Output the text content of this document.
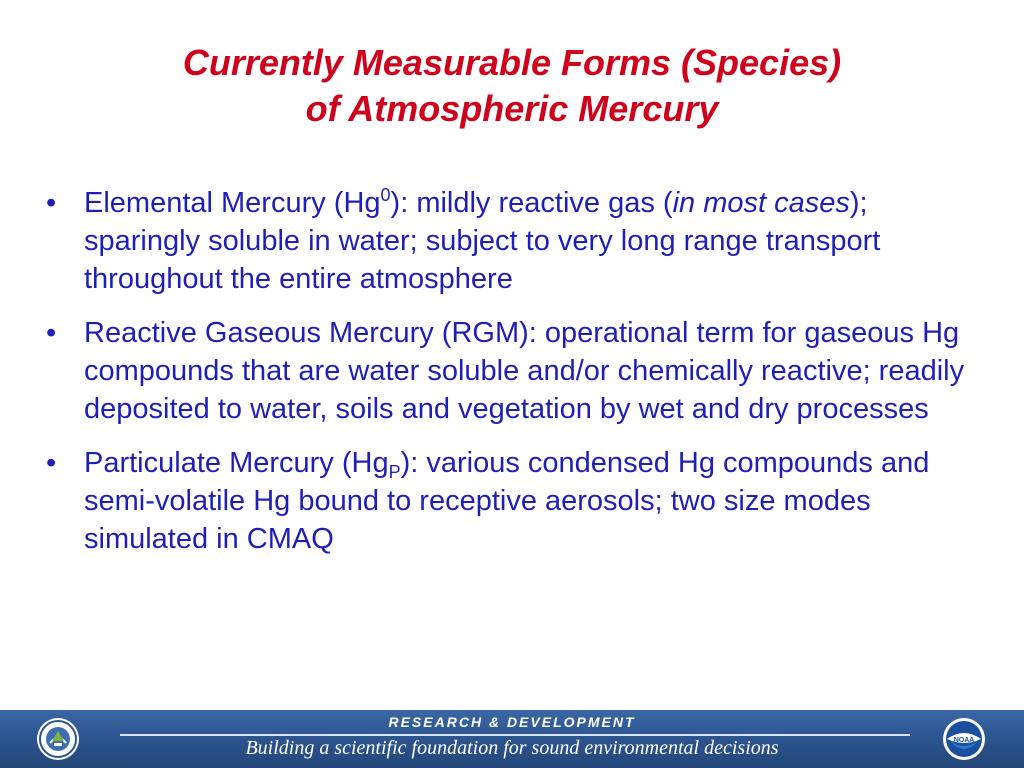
Currently Measurable Forms (Species)
of Atmospheric Mercury
• Elemental Mercury (Hg$^0$): mildly reactive gas (in most cases); sparingly soluble in water; subject to very long range transport throughout the entire atmosphere
• Reactive Gaseous Mercury (RGM): operational term for gaseous Hg compounds that are water soluble and/or chemically reactive; readily deposited to water, soils and vegetation by wet and dry processes
• Particulate Mercury $(Hg_P)$: various condensed Hg compounds and semi-volatile Hg bound to receptive aerosols; two size modes simulated in CMAQ
RESEARCH & DEVELOPMENT
Building a scientific foundation for sound environmental decisions	NOAA
